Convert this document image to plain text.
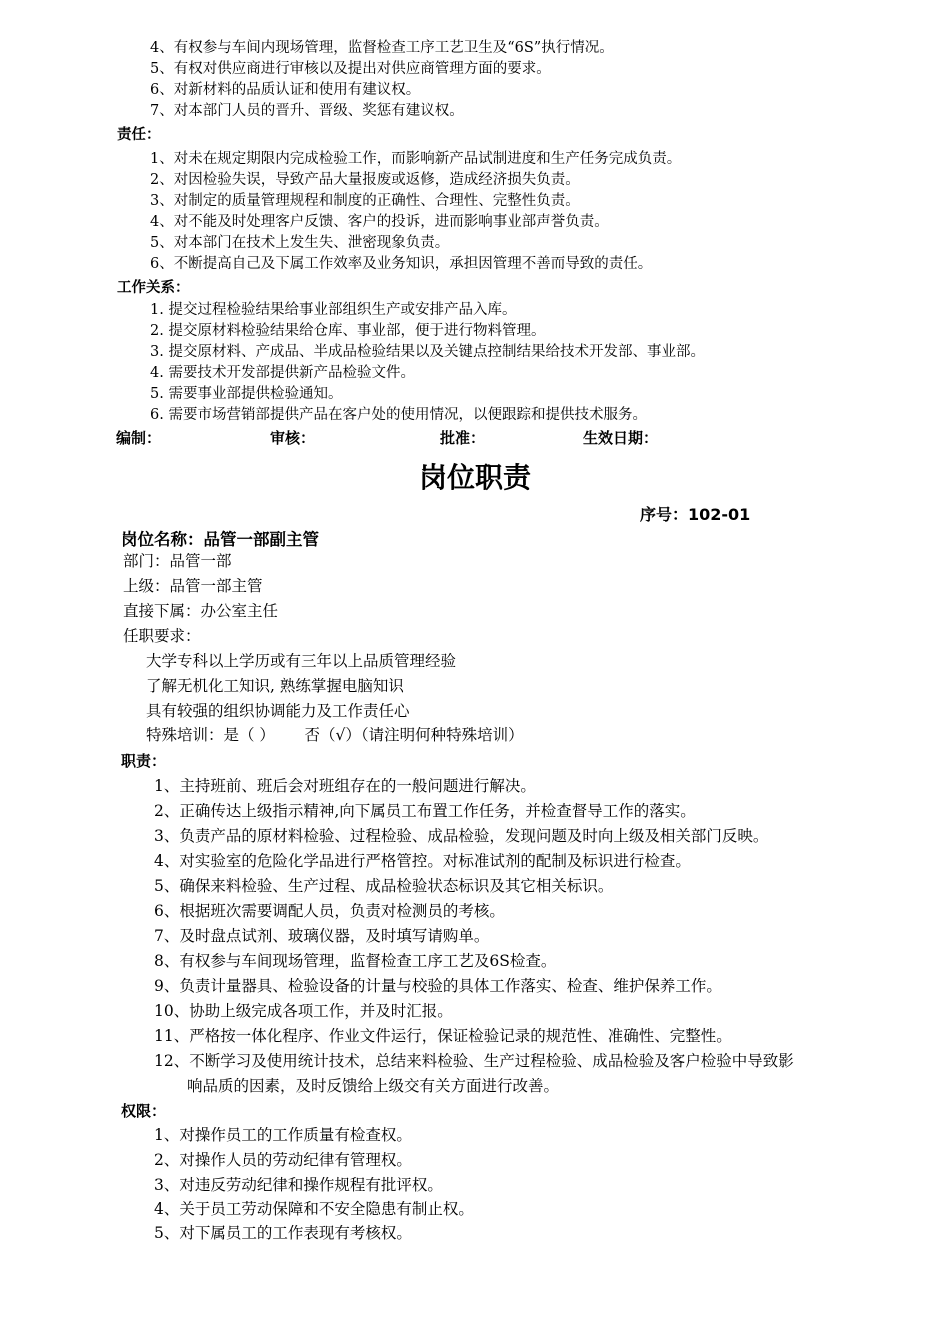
4、有权参与车间内现场管理，监督检查工序工艺卫生及“6S”执行情况。
5、有权对供应商进行审核以及提出对供应商管理方面的要求。
6、对新材料的品质认证和使用有建议权。
7、对本部门人员的晋升、晋级、奖惩有建议权。
责任：
1、对未在规定期限内完成检验工作，而影响新产品试制进度和生产任务完成负责。
2、对因检验失误，导致产品大量报废或返修，造成经济损失负责。
3、对制定的质量管理规程和制度的正确性、合理性、完整性负责。
4、对不能及时处理客户反馈、客户的投诉，进而影响事业部声誉负责。
5、对本部门在技术上发生失、泄密现象负责。
6、不断提高自己及下属工作效率及业务知识，承担因管理不善而导致的责任。
工作关系：
1. 提交过程检验结果给事业部组织生产或安排产品入库。
2. 提交原材料检验结果给仓库、事业部，便于进行物料管理。
3. 提交原材料、产成品、半成品检验结果以及关键点控制结果给技术开发部、事业部。
4. 需要技术开发部提供新产品检验文件。
5. 需要事业部提供检验通知。
6. 需要市场营销部提供产品在客户处的使用情况，以便跟踪和提供技术服务。
编制：	审核：	批准：	生效日期：
岗位职责
序号：102-01
岗位名称：品管一部副主管
部门：品管一部
上级：品管一部主管
直接下属：办公室主任
任职要求：
大学专科以上学历或有三年以上品质管理经验
了解无机化工知识, 熟练掌握电脑知识
具有较强的组织协调能力及工作责任心
特殊培训：是（ ）      否（√）（请注明何种特殊培训）
职责：
1、主持班前、班后会对班组存在的一般问题进行解决。
2、正确传达上级指示精神,向下属员工布置工作任务，并检查督导工作的落实。
3、负责产品的原材料检验、过程检验、成品检验，发现问题及时向上级及相关部门反映。
4、对实验室的危险化学品进行严格管控。对标准试剂的配制及标识进行检查。
5、确保来料检验、生产过程、成品检验状态标识及其它相关标识。
6、根据班次需要调配人员，负责对检测员的考核。
7、及时盘点试剂、玻璃仪器，及时填写请购单。
8、有权参与车间现场管理，监督检查工序工艺及6S检查。
9、负责计量器具、检验设备的计量与校验的具体工作落实、检查、维护保养工作。
10、协助上级完成各项工作，并及时汇报。
11、严格按一体化程序、作业文件运行，保证检验记录的规范性、准确性、完整性。
12、不断学习及使用统计技术，总结来料检验、生产过程检验、成品检验及客户检验中导致影
响品质的因素，及时反馈给上级交有关方面进行改善。
权限：
1、对操作员工的工作质量有检查权。
2、对操作人员的劳动纪律有管理权。
3、对违反劳动纪律和操作规程有批评权。
4、关于员工劳动保障和不安全隐患有制止权。
5、对下属员工的工作表现有考核权。
